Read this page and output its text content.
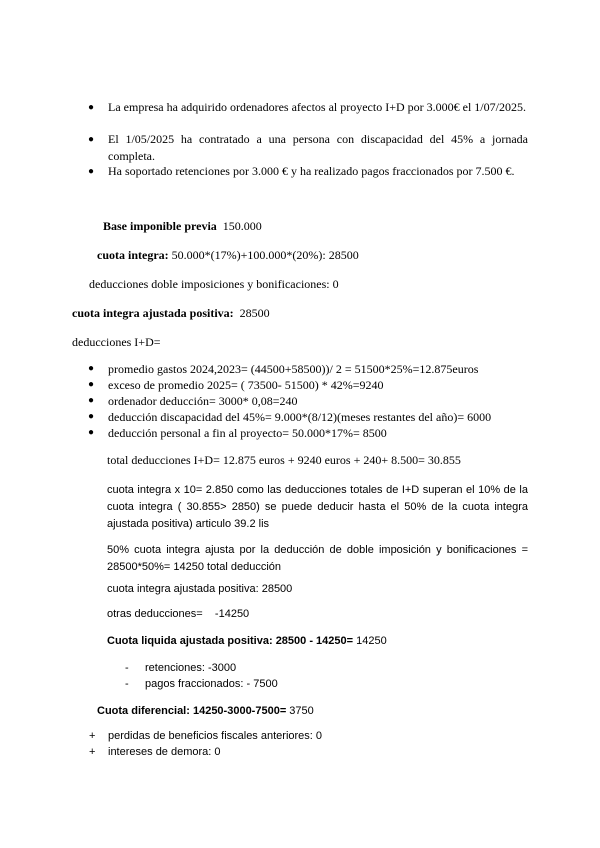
●	La empresa ha adquirido ordenadores afectos al proyecto I+D por 3.000€ el 1/07/2025.
●	El 1/05/2025 ha contratado a una persona con discapacidad del 45% a jornada completa.
●	Ha soportado retenciones por 3.000 € y ha realizado pagos fraccionados por 7.500 €.
Base imponible previa 150.000
cuota integra: 50.000*(17%)+100.000*(20%): 28500
deducciones doble imposiciones y bonificaciones: 0
cuota integra ajustada positiva: 28500
deducciones I+D=
●	promedio gastos 2024,2023= (44500+58500))/ 2 = 51500*25%=12.875euros
●	exceso de promedio 2025= ( 73500- 51500) * 42%=9240
●	ordenador deducción= 3000* 0,08=240
●	deducción discapacidad del 45%= 9.000*(8/12)(meses restantes del año)= 6000
●	deducción personal a fin al proyecto= 50.000*17%= 8500
total deducciones I+D= 12.875 euros + 9240 euros + 240+ 8.500= 30.855
cuota integra x 10= 2.850 como las deducciones totales de I+D superan el 10% de la cuota integra ( 30.855> 2850) se puede deducir hasta el 50% de la cuota integra ajustada positiva) articulo 39.2 lis
50% cuota integra ajusta por la deducción de doble imposición y bonificaciones = 28500*50%= 14250 total deducción
cuota integra ajustada positiva: 28500
otras deducciones=    -14250
Cuota liquida ajustada positiva: 28500 - 14250= 14250
-	retenciones: -3000
-	pagos fraccionados: - 7500
Cuota diferencial: 14250-3000-7500= 3750
+	perdidas de beneficios fiscales anteriores: 0
+	intereses de demora: 0
